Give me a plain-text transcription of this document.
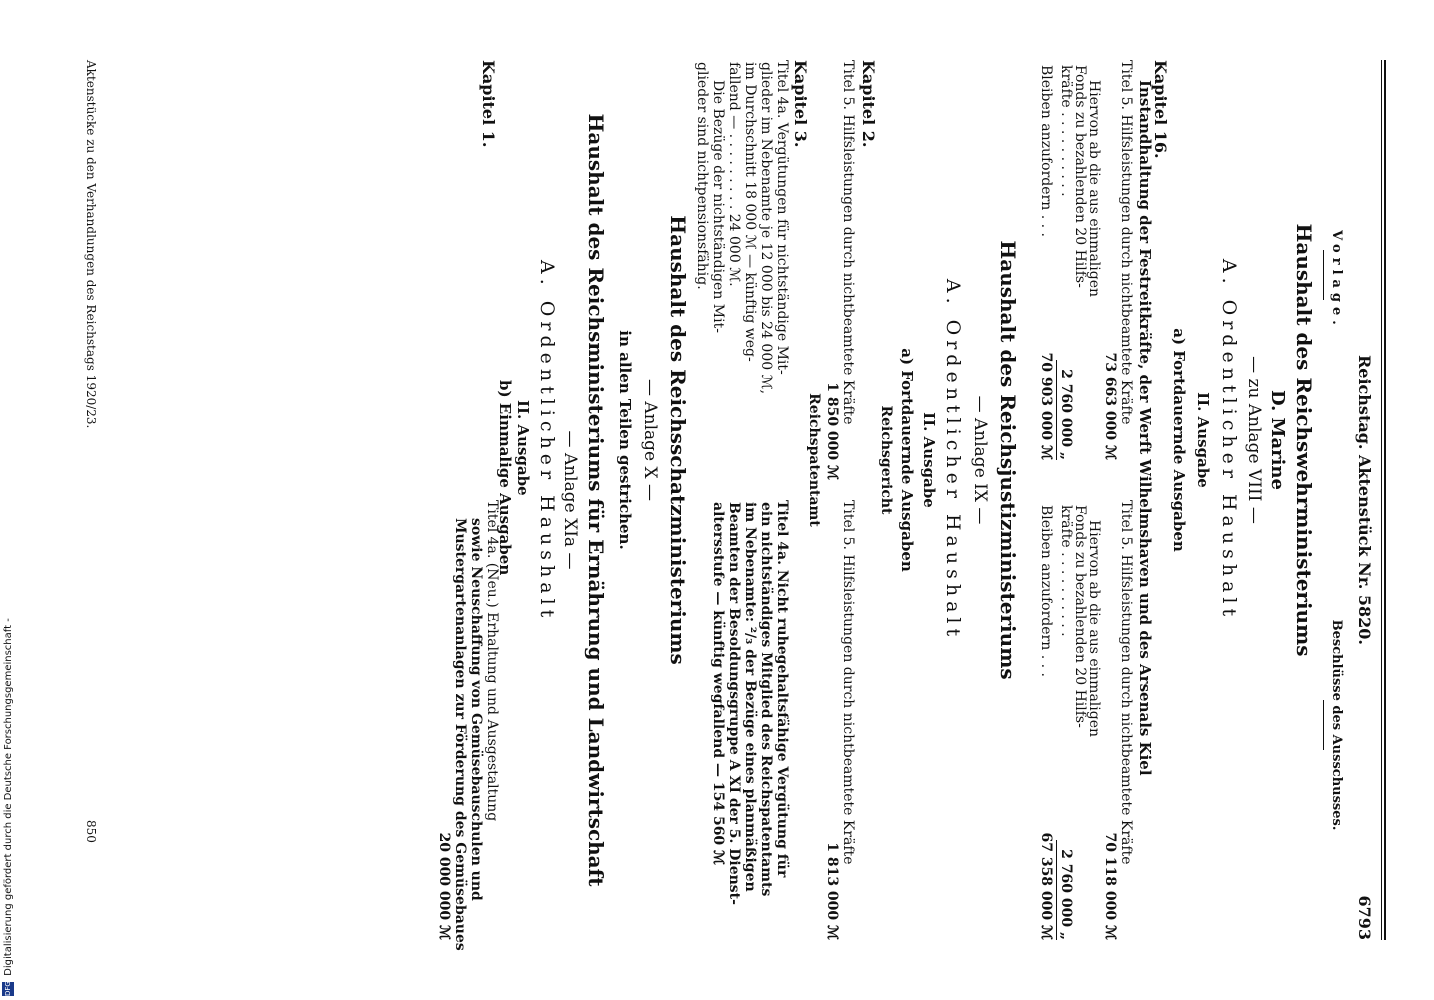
Reichstag. Aktenstück Nr. 5820.
6793
Vorlage.
Beschlüsse des Ausschusses.
Haushalt des Reichswehrministeriums
D. Marine
— zu Anlage VIII —
A. Ordentlicher Haushalt
II. Ausgabe
a) Fortdauernde Ausgaben
Kapitel 16.
Instandhaltung der Festreitkräfte, der Werft Wilhelmshaven und des Arsenals Kiel
Titel 5. Hilfsleistungen durch nichtbeamtete Kräfte
73 663 000 ℳ
Hiervon ab die aus einmaligen
Fonds zu bezahlenden 20 Hilfs-
kräfte . . . . . . . . . .
2 760 000 „
Bleiben anzufordern . . .
70 903 000 ℳ
Titel 5. Hilfsleistungen durch nichtbeamtete Kräfte
70 118 000 ℳ
Hiervon ab die aus einmaligen
Fonds zu bezahlenden 20 Hilfs-
kräfte . . . . . . . . . .
2 760 000 „
Bleiben anzufordern . . .
67 358 000 ℳ
Haushalt des Reichsjustizministeriums
— Anlage IX —
A. Ordentlicher Haushalt
II. Ausgabe
a) Fortdauernde Ausgaben
Reichsgericht
Kapitel 2.
Titel 5. Hilfsleistungen durch nichtbeamtete Kräfte
1 850 000 ℳ
Titel 5. Hilfsleistungen durch nichtbeamtete Kräfte
1 813 000 ℳ
Reichspatentamt
Kapitel 3.
Titel 4a. Vergütungen für nichtständige Mit-
glieder im Nebenamte je 12 000 bis 24 000 ℳ,
im Durchschnitt 18 000 ℳ — künftig weg-
fallend — . . . . . . . . . 24 000 ℳ.
Die Bezüge der nichtständigen Mit-
glieder sind nichtpensionsfähig.
Titel 4a. Nicht ruhegehaltsfähige Vergütung für
ein nichtständiges Mitglied des Reichspatentamts
im Nebenamte: ²/₃ der Bezüge eines planmäßigen
Beamten der Besoldungsgruppe A XI der 5. Dienst-
altersstufe — künftig wegfallend — 154 560 ℳ
Haushalt des Reichsschatzministeriums
— Anlage X —
in allen Teilen gestrichen.
Haushalt des Reichsministeriums für Ernährung und Landwirtschaft
— Anlage XIa —
A. Ordentlicher Haushalt
II. Ausgabe
b) Einmalige Ausgaben
Kapitel 1.
Titel 4a. (Neu.) Erhaltung und Ausgestaltung
sowie Neuschaffung von Gemüsebauschulen und
Mustergartenanlagen zur Förderung des Gemüsebaues
20 000 000 ℳ
Aktenstücke zu den Verhandlungen des Reichstags 1920/23.
850
DFG Digitalisierung gefördert durch die Deutsche Forschungsgemeinschaft -
